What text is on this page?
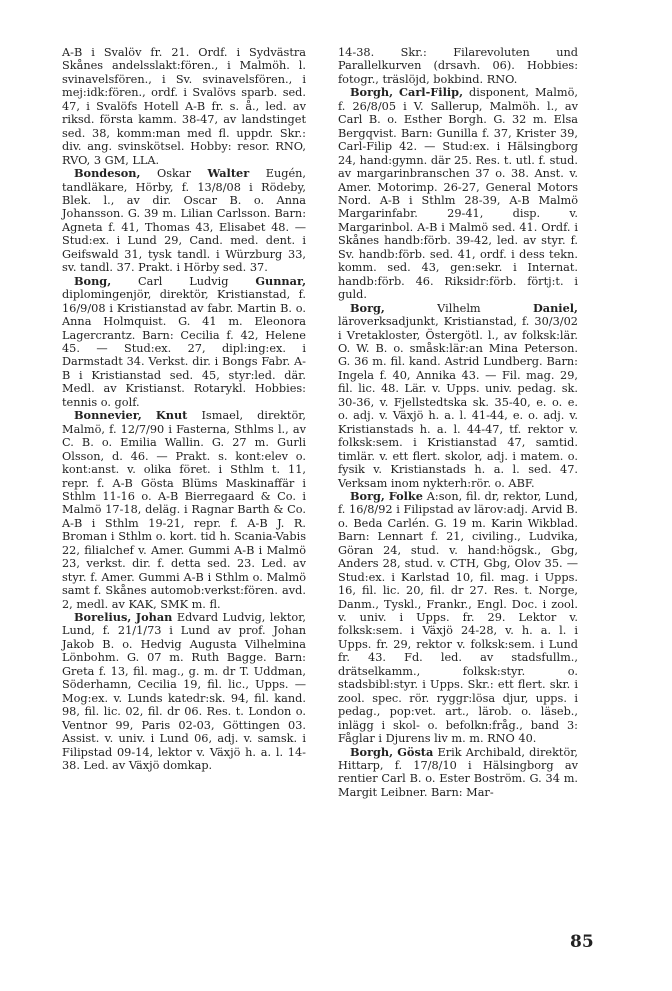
A-B i Svalöv fr. 21. Ordf. i Sydvästra Skånes andelsslakt:fören., i Malmöh. l. svinavelsfören., i Sv. svinavelsfören., i mej:idk:fören., ordf. i Svalövs sparb. sed. 47, i Svalöfs Hotell A-B fr. s. å., led. av riksd. första kamm. 38-47, av landstinget sed. 38, komm:man med fl. uppdr. Skr.: div. ang. svinskötsel. Hobby: resor. RNO, RVO, 3 GM, LLA.

Bondeson, Oskar Walter Eugén, tandläkare, Hörby, f. 13/8/08 i Rödeby, Blek. l., av dir. Oscar B. o. Anna Johansson. G. 39 m. Lilian Carlsson. Barn: Agneta f. 41, Thomas 43, Elisabet 48. — Stud:ex. i Lund 29, Cand. med. dent. i Geifswald 31, tysk tandl. i Würzburg 33, sv. tandl. 37. Prakt. i Hörby sed. 37.

Bong, Carl Ludvig Gunnar, diplomingenjör, direktör, Kristianstad, f. 16/9/08 i Kristianstad av fabr. Martin B. o. Anna Holmquist. G. 41 m. Eleonora Lagercrantz. Barn: Cecilia f. 42, Helene 45. — Stud:ex. 27, dipl:ing:ex. i Darmstadt 34. Verkst. dir. i Bongs Fabr. A-B i Kristianstad sed. 45, styr:led. där. Medl. av Kristianst. Rotarykl. Hobbies: tennis o. golf.

Bonnevier, Knut Ismael, direktör, Malmö, f. 12/7/90 i Fasterna, Sthlms l., av C. B. o. Emilia Wallin. G. 27 m. Gurli Olsson, d. 46. — Prakt. s. kont:elev o. kont:anst. v. olika föret. i Sthlm t. 11, repr. f. A-B Gösta Blüms Maskinaffär i Sthlm 11-16 o. A-B Bierregaard & Co. i Malmö 17-18, deläg. i Ragnar Barth & Co. A-B i Sthlm 19-21, repr. f. A-B J. R. Broman i Sthlm o. kort. tid h. Scania-Vabis 22, filialchef v. Amer. Gummi A-B i Malmö 23, verkst. dir. f. detta sed. 23. Led. av styr. f. Amer. Gummi A-B i Sthlm o. Malmö samt f. Skånes automob:verkst:fören. avd. 2, medl. av KAK, SMK m. fl.

Borelius, Johan Edvard Ludvig, lektor, Lund, f. 21/1/73 i Lund av prof. Johan Jakob B. o. Hedvig Augusta Vilhelmina Lönbohm. G. 07 m. Ruth Bagge. Barn: Greta f. 13, fil. mag., g. m. dr T. Uddman, Söderhamn, Cecilia 19, fil. lic., Upps. — Mog:ex. v. Lunds katedr:sk. 94, fil. kand. 98, fil. lic. 02, fil. dr 06. Res. t. London o. Ventnor 99, Paris 02-03, Göttingen 03. Assist. v. univ. i Lund 06, adj. v. samsk. i Filipstad 09-14, lektor v. Växjö h. a. l. 14-38. Led. av Växjö domkap.

14-38. Skr.: Filarevoluten und Parallelkurven (drsavh. 06). Hobbies: fotogr., träslöjd, bokbind. RNO.

Borgh, Carl-Filip, disponent, Malmö, f. 26/8/05 i V. Sallerup, Malmöh. l., av Carl B. o. Esther Borgh. G. 32 m. Elsa Bergqvist. Barn: Gunilla f. 37, Krister 39, Carl-Filip 42. — Stud:ex. i Hälsingborg 24, hand:gymn. där 25. Res. t. utl. f. stud. av margarinbranschen 37 o. 38. Anst. v. Amer. Motorimp. 26-27, General Motors Nord. A-B i Sthlm 28-39, A-B Malmö Margarinfabr. 29-41, disp. v. Margarinbol. A-B i Malmö sed. 41. Ordf. i Skånes handb:förb. 39-42, led. av styr. f. Sv. handb:förb. sed. 41, ordf. i dess tekn. komm. sed. 43, gen:sekr. i Internat. handb:förb. 46. Riksidr:förb. förtj:t. i guld.

Borg,	Vilhelm	Daniel, läroverksadjunkt, Kristianstad, f. 30/3/02 i Vretakloster, Östergötl. l., av folksk:lär. O. W. B. o. småsk:lär:an Mina Peterson. G. 36 m. fil. kand. Astrid Lundberg. Barn: Ingela f. 40, Annika 43. — Fil. mag. 29, fil. lic. 48. Lär. v. Upps. univ. pedag. sk. 30-36, v. Fjellstedtska sk. 35-40, e. o. e. o. adj. v. Växjö h. a. l. 41-44, e. o. adj. v. Kristianstads h. a. l. 44-47, tf. rektor v. folksk:sem. i Kristianstad 47, samtid. timlär. v. ett flert. skolor, adj. i matem. o. fysik v. Kristianstads h. a. l. sed. 47. Verksam inom nykterh:rör. o. ABF.

Borg, Folke A:son, fil. dr, rektor, Lund, f. 16/8/92 i Filipstad av lärov:adj. Arvid B. o. Beda Carlén. G. 19 m. Karin Wikblad. Barn: Lennart f. 21, civiling., Ludvika, Göran 24, stud. v. hand:högsk., Gbg, Anders 28, stud. v. CTH, Gbg, Olov 35. — Stud:ex. i Karlstad 10, fil. mag. i Upps. 16, fil. lic. 20, fil. dr 27. Res. t. Norge, Danm., Tyskl., Frankr., Engl. Doc. i zool. v. univ. i Upps. fr. 29. Lektor v. folksk:sem. i Växjö 24-28, v. h. a. l. i Upps. fr. 29, rektor v. folksk:sem. i Lund fr. 43. Fd. led. av stadsfullm., drätselkamm., folksk:styr. o. stadsbibl:styr. i Upps. Skr.: ett flert. skr. i zool. spec. rör. ryggr:lösa djur, upps. i pedag., pop:vet. art., lärob. o. läseb., inlägg i skol- o. befolkn:fråg., band 3: Fåglar i Djurens liv m. m. RNO 40.

Borgh, Gösta Erik Archibald, direktör, Hittarp, f. 17/8/10 i Hälsingborg av rentier Carl B. o. Ester Boström. G. 34 m. Margit Leibner. Barn: Mar-

85
